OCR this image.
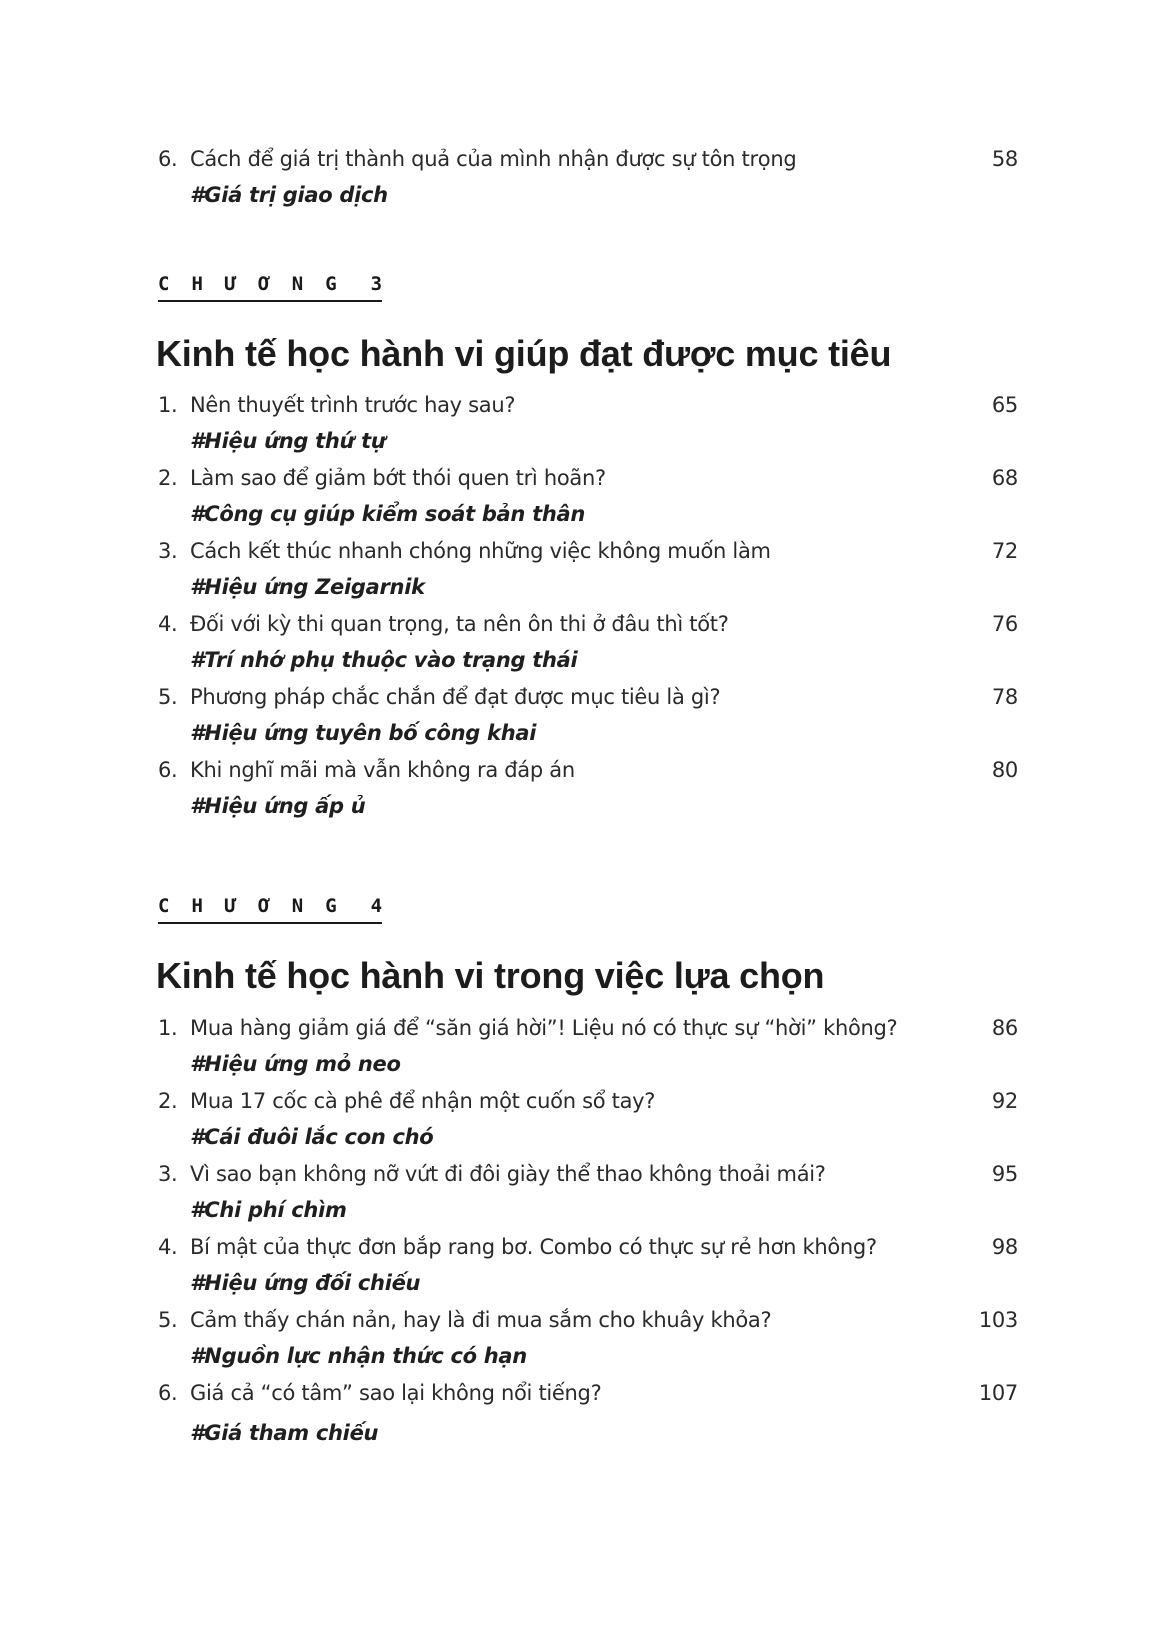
6. Cách để giá trị thành quả của mình nhận được sự tôn trọng	58
#Giá trị giao dịch
CHƯƠNG 3
Kinh tế học hành vi giúp đạt được mục tiêu
1. Nên thuyết trình trước hay sau?	65
#Hiệu ứng thứ tự
2. Làm sao để giảm bớt thói quen trì hoãn?	68
#Công cụ giúp kiểm soát bản thân
3. Cách kết thúc nhanh chóng những việc không muốn làm	72
#Hiệu ứng Zeigarnik
4. Đối với kỳ thi quan trọng, ta nên ôn thi ở đâu thì tốt?	76
#Trí nhớ phụ thuộc vào trạng thái
5. Phương pháp chắc chắn để đạt được mục tiêu là gì?	78
#Hiệu ứng tuyên bố công khai
6. Khi nghĩ mãi mà vẫn không ra đáp án	80
#Hiệu ứng ấp ủ
CHƯƠNG 4
Kinh tế học hành vi trong việc lựa chọn
1. Mua hàng giảm giá để “săn giá hời”! Liệu nó có thực sự “hời” không?	86
#Hiệu ứng mỏ neo
2. Mua 17 cốc cà phê để nhận một cuốn sổ tay?	92
#Cái đuôi lắc con chó
3. Vì sao bạn không nỡ vứt đi đôi giày thể thao không thoải mái?	95
#Chi phí chìm
4. Bí mật của thực đơn bắp rang bơ. Combo có thực sự rẻ hơn không?	98
#Hiệu ứng đối chiếu
5. Cảm thấy chán nản, hay là đi mua sắm cho khuây khỏa?	103
#Nguồn lực nhận thức có hạn
6. Giá cả “có tâm” sao lại không nổi tiếng?	107
#Giá tham chiếu
